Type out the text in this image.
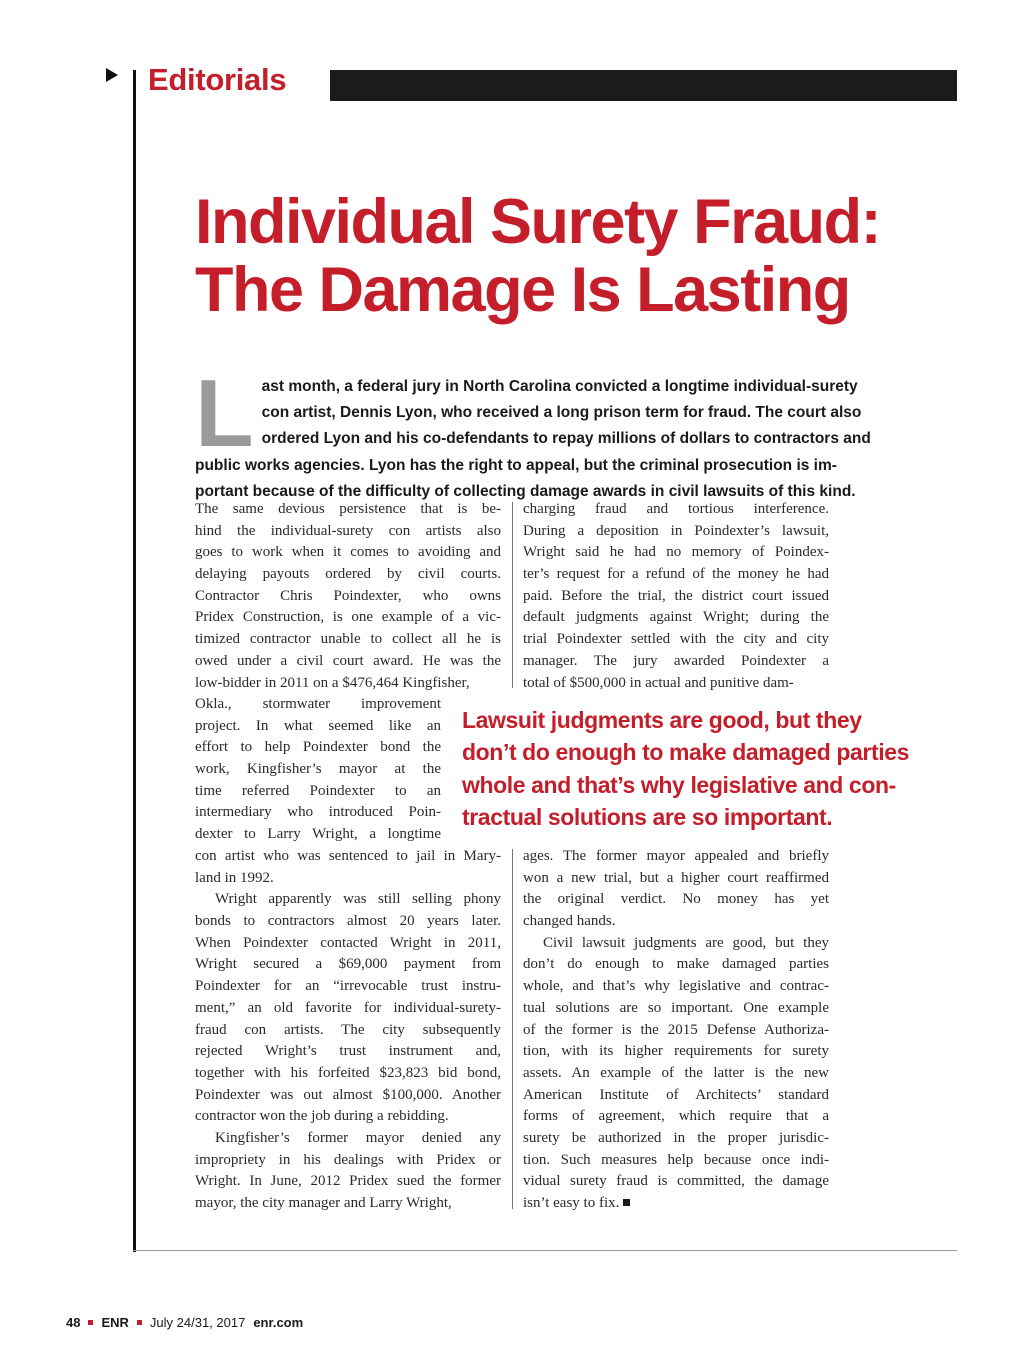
Editorials
Individual Surety Fraud:
The Damage Is Lasting
L ast month, a federal jury in North Carolina convicted a longtime individual-surety
con artist, Dennis Lyon, who received a long prison term for fraud. The court also
ordered Lyon and his co-defendants to repay millions of dollars to contractors and
public works agencies. Lyon has the right to appeal, but the criminal prosecution is im-
portant because of the difficulty of collecting damage awards in civil lawsuits of this kind.
The same devious persistence that is be-
hind the individual-surety con artists also
goes to work when it comes to avoiding and
delaying payouts ordered by civil courts.
Contractor Chris Poindexter, who owns
Pridex Construction, is one example of a vic-
timized contractor unable to collect all he is
owed under a civil court award. He was the
low-bidder in 2011 on a $476,464 Kingfisher,
Okla., stormwater improvement
project. In what seemed like an
effort to help Poindexter bond the
work, Kingfisher’s mayor at the
time referred Poindexter to an
intermediary who introduced Poin-
dexter to Larry Wright, a longtime
con artist who was sentenced to jail in Mary-
land in 1992.
Wright apparently was still selling phony
bonds to contractors almost 20 years later.
When Poindexter contacted Wright in 2011,
Wright secured a $69,000 payment from
Poindexter for an “irrevocable trust instru-
ment,” an old favorite for individual-surety-
fraud con artists. The city subsequently
rejected Wright’s trust instrument and,
together with his forfeited $23,823 bid bond,
Poindexter was out almost $100,000. Another
contractor won the job during a rebidding.
Kingfisher’s former mayor denied any
impropriety in his dealings with Pridex or
Wright. In June, 2012 Pridex sued the former
mayor, the city manager and Larry Wright,
charging fraud and tortious interference.
During a deposition in Poindexter’s lawsuit,
Wright said he had no memory of Poindex-
ter’s request for a refund of the money he had
paid. Before the trial, the district court issued
default judgments against Wright; during the
trial Poindexter settled with the city and city
manager. The jury awarded Poindexter a
total of $500,000 in actual and punitive dam-
ages. The former mayor appealed and briefly
won a new trial, but a higher court reaffirmed
the original verdict. No money has yet
changed hands.
Civil lawsuit judgments are good, but they
don’t do enough to make damaged parties
whole, and that’s why legislative and contrac-
tual solutions are so important. One example
of the former is the 2015 Defense Authoriza-
tion, with its higher requirements for surety
assets. An example of the latter is the new
American Institute of Architects’ standard
forms of agreement, which require that a
surety be authorized in the proper jurisdic-
tion. Such measures help because once indi-
vidual surety fraud is committed, the damage
isn’t easy to fix.
Lawsuit judgments are good, but they
don’t do enough to make damaged parties
whole and that’s why legislative and con-
tractual solutions are so important.
48 ENR July 24/31, 2017 enr.com
